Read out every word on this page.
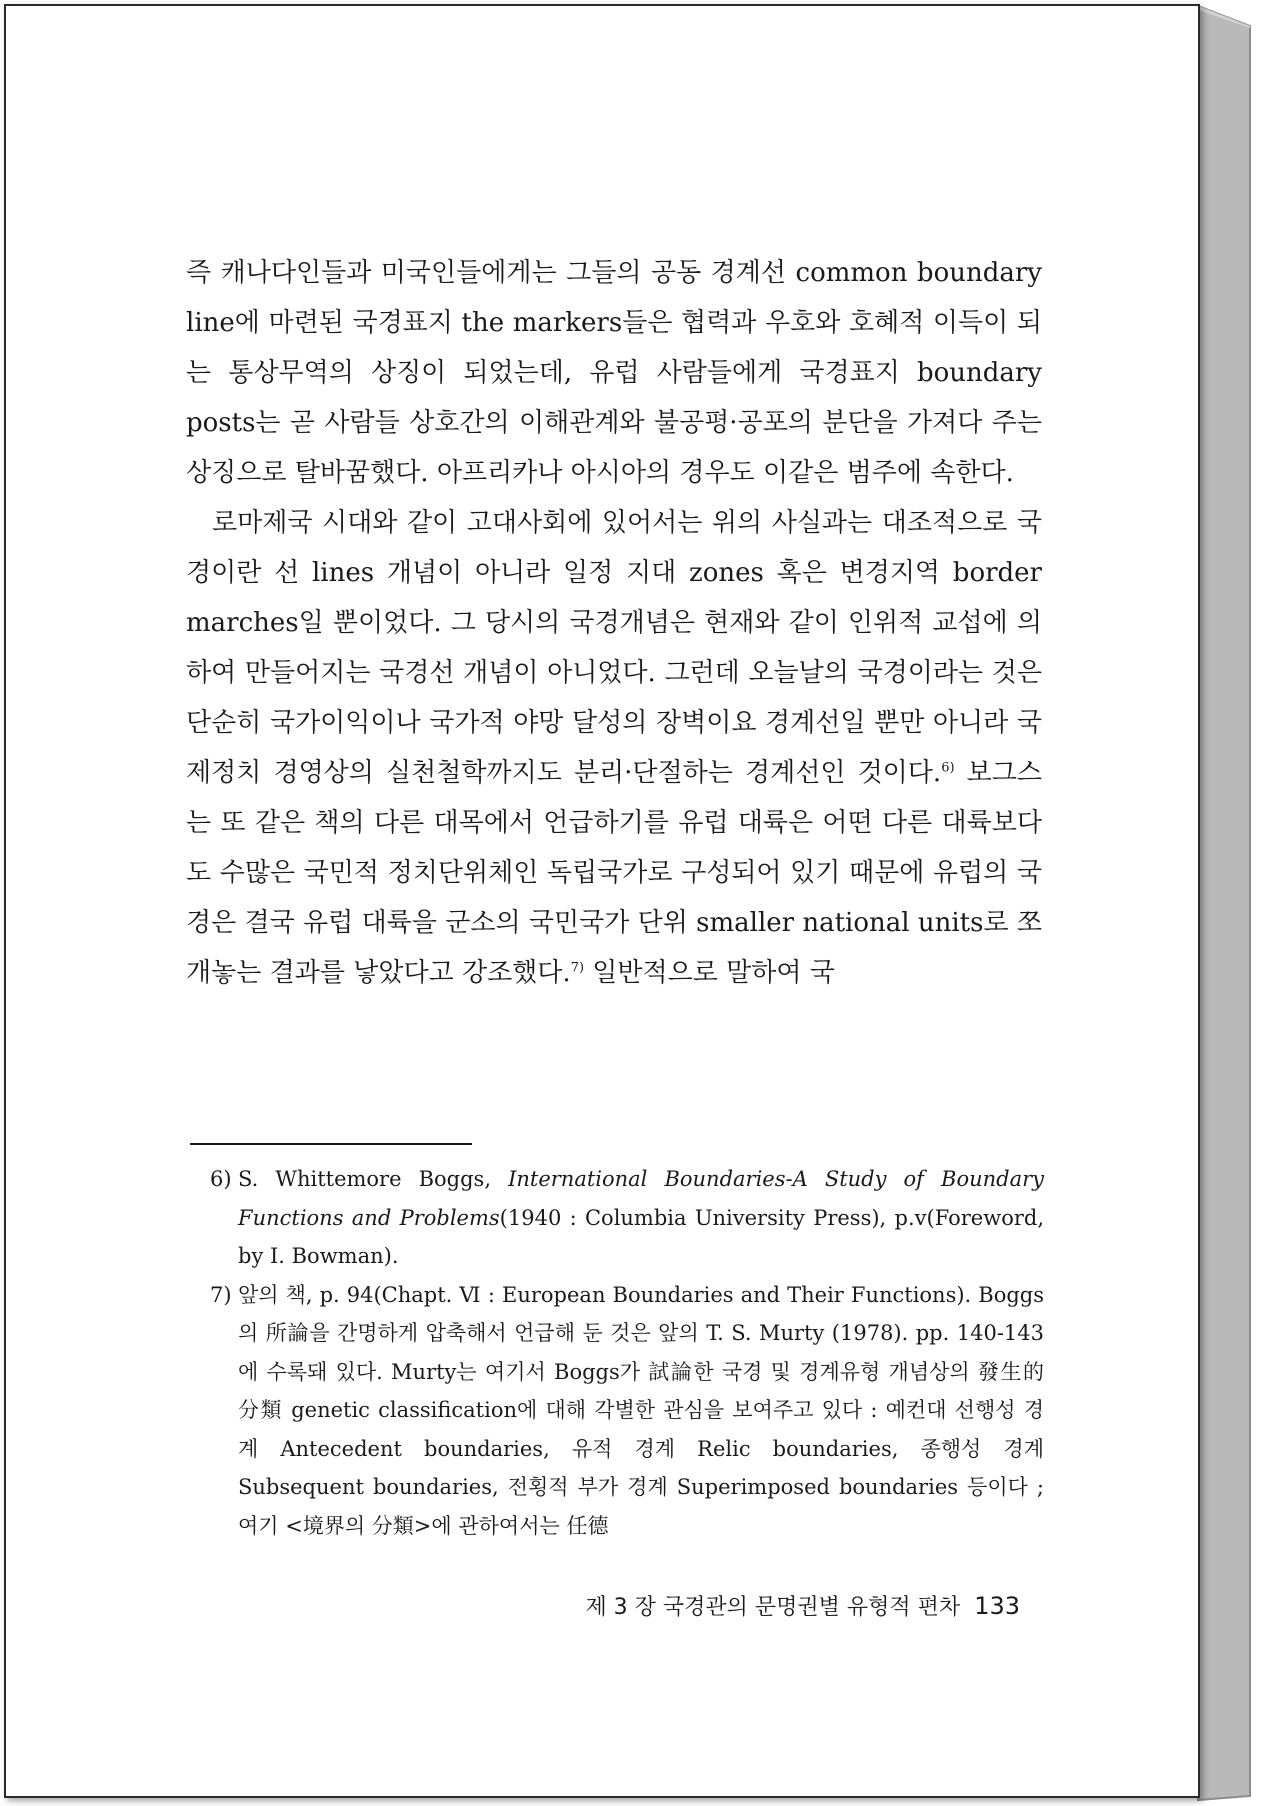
즉 캐나다인들과 미국인들에게는 그들의 공동 경계선 common boundary line에 마련된 국경표지 the markers들은 협력과 우호와 호혜적 이득이 되는 통상무역의 상징이 되었는데, 유럽 사람들에게 국경표지 boundary posts는 곧 사람들 상호간의 이해관계와 불공평·공포의 분단을 가져다 주는 상징으로 탈바꿈했다. 아프리카나 아시아의 경우도 이같은 범주에 속한다.

로마제국 시대와 같이 고대사회에 있어서는 위의 사실과는 대조적으로 국경이란 선 lines 개념이 아니라 일정 지대 zones 혹은 변경지역 border marches일 뿐이었다. 그 당시의 국경개념은 현재와 같이 인위적 교섭에 의하여 만들어지는 국경선 개념이 아니었다. 그런데 오늘날의 국경이라는 것은 단순히 국가이익이나 국가적 야망 달성의 장벽이요 경계선일 뿐만 아니라 국제정치 경영상의 실천철학까지도 분리·단절하는 경계선인 것이다.$^{6)}$ 보그스는 또 같은 책의 다른 대목에서 언급하기를 유럽 대륙은 어떤 다른 대륙보다도 수많은 국민적 정치단위체인 독립국가로 구성되어 있기 때문에 유럽의 국경은 결국 유럽 대륙을 군소의 국민국가 단위 smaller national units로 쪼개놓는 결과를 낳았다고 강조했다.$^{7)}$ 일반적으로 말하여 국

6) S. Whittemore Boggs, International Boundaries-A Study of Boundary Functions and Problems(1940 : Columbia University Press), p.v(Foreword, by I. Bowman).
7) 앞의 책, p. 94(Chapt. Ⅵ : European Boundaries and Their Functions). Boggs의 所論을 간명하게 압축해서 언급해 둔 것은 앞의 T. S. Murty (1978). pp. 140-143에 수록돼 있다. Murty는 여기서 Boggs가 試論한 국경 및 경계유형 개념상의 發生的 分類 genetic classification에 대해 각별한 관심을 보여주고 있다 : 예컨대 선행성 경계 Antecedent boundaries, 유적 경계 Relic boundaries, 종행성 경계 Subsequent boundaries, 전횡적 부가 경계 Superimposed boundaries 등이다 ; 여기 <境界의 分類>에 관하여서는 任德
제 3 장 국경관의 문명권별 유형적 편차 133
